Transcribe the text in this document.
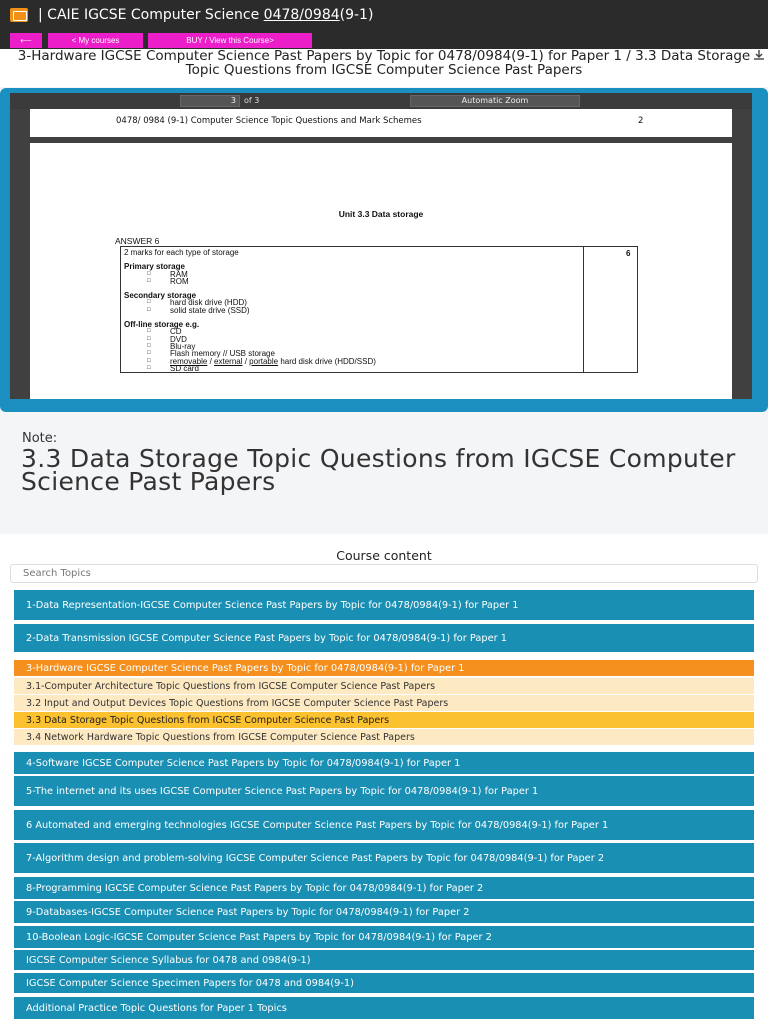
| CAIE IGCSE Computer Science 0478/0984(9-1)
⟵	< My courses	BUY / View this Course>
3-Hardware IGCSE Computer Science Past Papers by Topic for 0478/0984(9-1) for Paper 1 / 3.3 Data Storage Topic Questions from IGCSE Computer Science Past Papers
3	of 3	Automatic Zoom
0478/ 0984 (9-1) Computer Science Topic Questions and Mark Schemes	2
Unit 3.3 Data storage
ANSWER 6
6
2 marks for each type of storage
Primary storage
□ RAM
□ ROM
Secondary storage
□ hard disk drive (HDD)
□ solid state drive (SSD)
Off-line storage e.g.
□ CD
□ DVD
□ Blu-ray
□ Flash memory // USB storage
□ removable / external / portable hard disk drive (HDD/SSD)
□ SD card
Note:
3.3 Data Storage Topic Questions from IGCSE Computer Science Past Papers
Course content
Search Topics
1-Data Representation-IGCSE Computer Science Past Papers by Topic for 0478/0984(9-1) for Paper 1
2-Data Transmission IGCSE Computer Science Past Papers by Topic for 0478/0984(9-1) for Paper 1
3-Hardware IGCSE Computer Science Past Papers by Topic for 0478/0984(9-1) for Paper 1
3.1-Computer Architecture Topic Questions from IGCSE Computer Science Past Papers
3.2 Input and Output Devices Topic Questions from IGCSE Computer Science Past Papers
3.3 Data Storage Topic Questions from IGCSE Computer Science Past Papers
3.4 Network Hardware Topic Questions from IGCSE Computer Science Past Papers
4-Software IGCSE Computer Science Past Papers by Topic for 0478/0984(9-1) for Paper 1
5-The internet and its uses IGCSE Computer Science Past Papers by Topic for 0478/0984(9-1) for Paper 1
6 Automated and emerging technologies IGCSE Computer Science Past Papers by Topic for 0478/0984(9-1) for Paper 1
7-Algorithm design and problem-solving IGCSE Computer Science Past Papers by Topic for 0478/0984(9-1) for Paper 2
8-Programming IGCSE Computer Science Past Papers by Topic for 0478/0984(9-1) for Paper 2
9-Databases-IGCSE Computer Science Past Papers by Topic for 0478/0984(9-1) for Paper 2
10-Boolean Logic-IGCSE Computer Science Past Papers by Topic for 0478/0984(9-1) for Paper 2
IGCSE Computer Science Syllabus for 0478 and 0984(9-1)
IGCSE Computer Science Specimen Papers for 0478 and 0984(9-1)
Additional Practice Topic Questions for Paper 1 Topics
